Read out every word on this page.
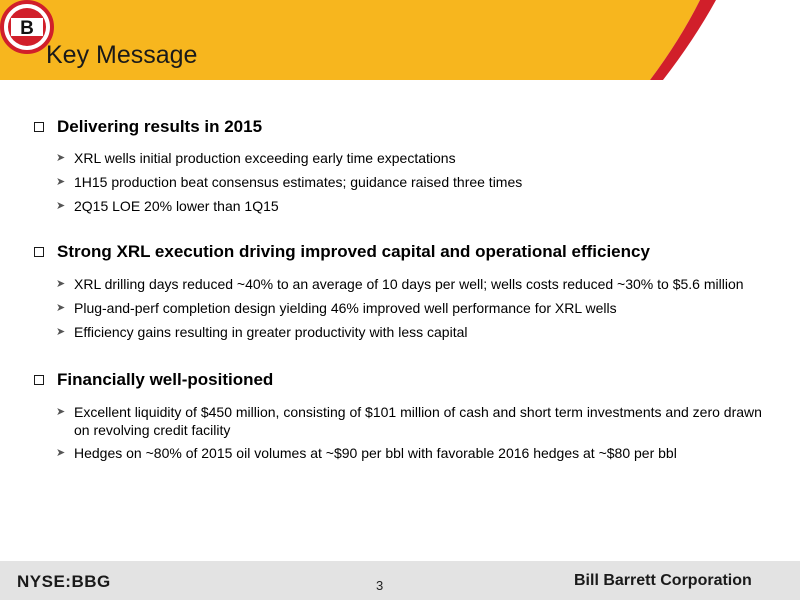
Key Message
B
Delivering results in 2015
➤ XRL wells initial production exceeding early time expectations
➤ 1H15 production beat consensus estimates; guidance raised three times
➤ 2Q15 LOE 20% lower than 1Q15
Strong XRL execution driving improved capital and operational efficiency
➤ XRL drilling days reduced ~40% to an average of 10 days per well; wells costs reduced ~30% to $5.6 million
➤ Plug-and-perf completion design yielding 46% improved well performance for XRL wells
➤ Efficiency gains resulting in greater productivity with less capital
Financially well-positioned
➤ Excellent liquidity of $450 million, consisting of $101 million of cash and short term investments and zero drawn on revolving credit facility
➤ Hedges on ~80% of 2015 oil volumes at ~$90 per bbl with favorable 2016 hedges at ~$80 per bbl
NYSE:BBG	3	Bill Barrett Corporation
